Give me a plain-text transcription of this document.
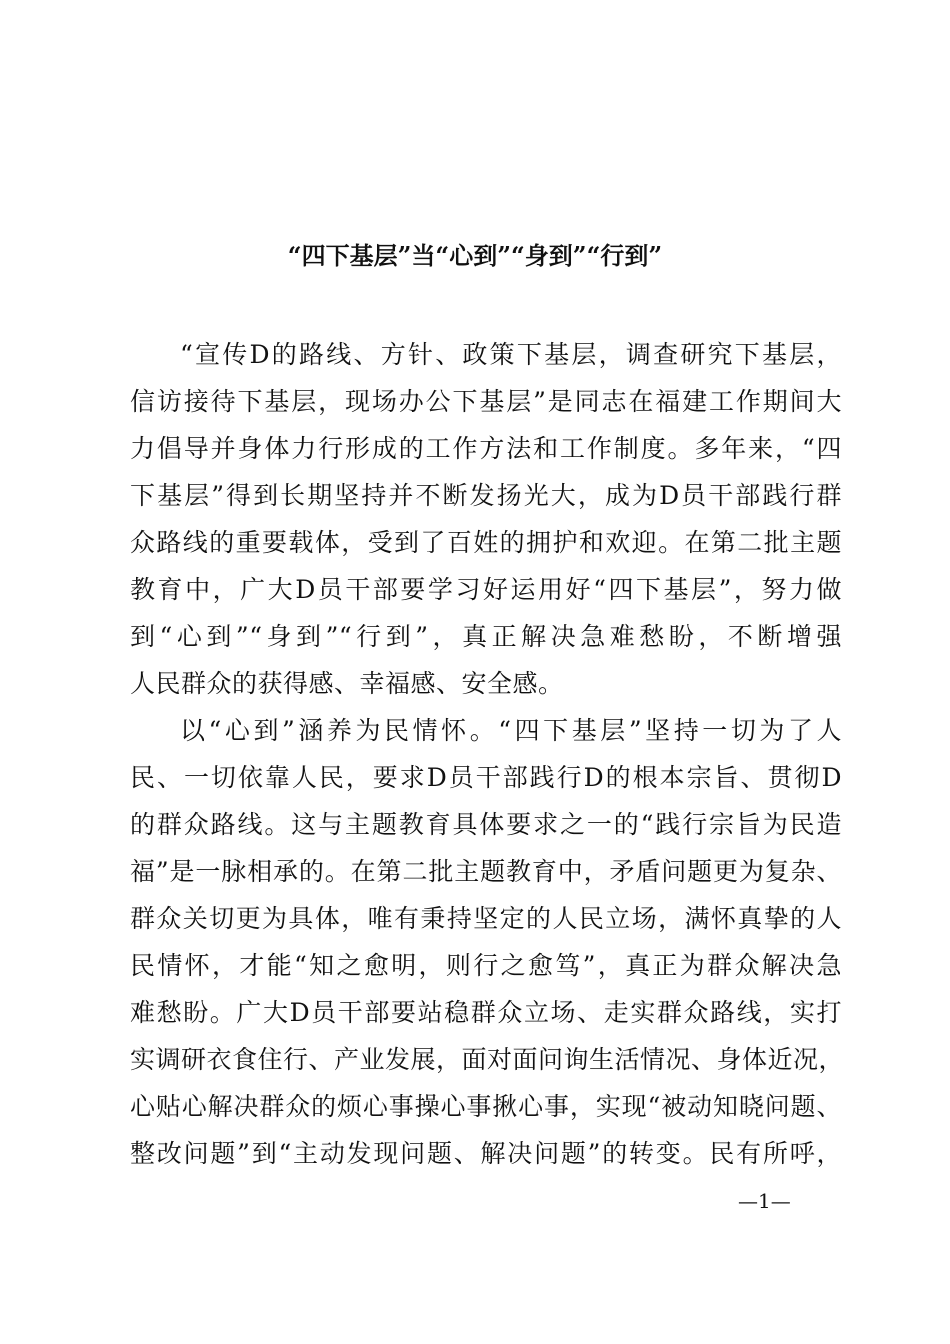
“四下基层”当“心到”“身到”“行到”
“宣传D的路线、方针、政策下基层，调查研究下基层，
信访接待下基层，现场办公下基层”是同志在福建工作期间大
力倡导并身体力行形成的工作方法和工作制度。多年来，“四
下基层”得到长期坚持并不断发扬光大，成为D员干部践行群
众路线的重要载体，受到了百姓的拥护和欢迎。在第二批主题
教育中，广大D员干部要学习好运用好“四下基层”，努力做
到“心到”“身到”“行到”，真正解决急难愁盼，不断增强
人民群众的获得感、幸福感、安全感。
以“心到”涵养为民情怀。“四下基层”坚持一切为了人
民、一切依靠人民，要求D员干部践行D的根本宗旨、贯彻D
的群众路线。这与主题教育具体要求之一的“践行宗旨为民造
福”是一脉相承的。在第二批主题教育中，矛盾问题更为复杂、
群众关切更为具体，唯有秉持坚定的人民立场，满怀真挚的人
民情怀，才能“知之愈明，则行之愈笃”，真正为群众解决急
难愁盼。广大D员干部要站稳群众立场、走实群众路线，实打
实调研衣食住行、产业发展，面对面问询生活情况、身体近况，
心贴心解决群众的烦心事操心事揪心事，实现“被动知晓问题、
整改问题”到“主动发现问题、解决问题”的转变。民有所呼，
—1—
